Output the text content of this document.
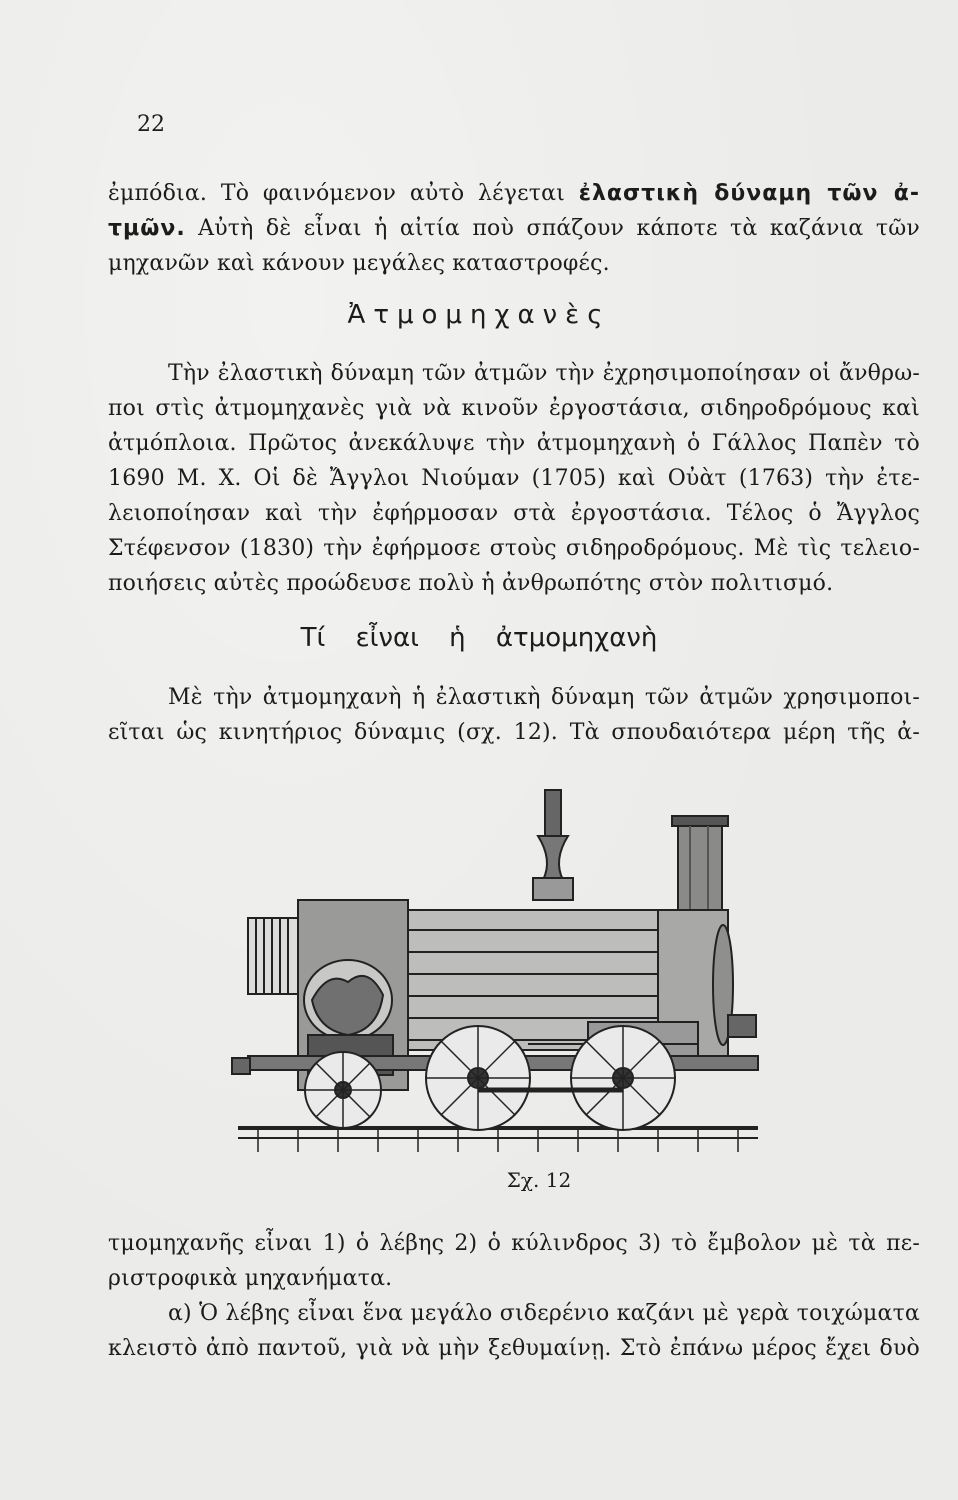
22
ἐμπόδια. Τὸ φαινόμενον αὐτὸ λέγεται ἐλαστικὴ δύναμη τῶν ἀ-
τμῶν. Αὐτὴ δὲ εἶναι ἡ αἰτία ποὺ σπάζουν κάποτε τὰ καζάνια τῶν
μηχανῶν καὶ κάνουν μεγάλες καταστροφές.
Ἀτμομηχανὲς
Τὴν ἐλαστικὴ δύναμη τῶν ἀτμῶν τὴν ἐχρησιμοποίησαν οἱ ἄνθρω-
ποι στὶς ἀτμομηχανὲς γιὰ νὰ κινοῦν ἐργοστάσια, σιδηροδρόμους καὶ
ἀτμόπλοια. Πρῶτος ἀνεκάλυψε τὴν ἀτμομηχανὴ ὁ Γάλλος Παπὲν τὸ
1690 Μ. Χ. Οἱ δὲ Ἄγγλοι Νιούμαν (1705) καὶ Οὐὰτ (1763) τὴν ἐτε-
λειοποίησαν καὶ τὴν ἐφήρμοσαν στὰ ἐργοστάσια. Τέλος ὁ Ἄγγλος
Στέφενσον (1830) τὴν ἐφήρμοσε στοὺς σιδηροδρόμους. Μὲ τὶς τελειο-
ποιήσεις αὐτὲς προώδευσε πολὺ ἡ ἀνθρωπότης στὸν πολιτισμό.
Τί εἶναι ἡ ἀτμομηχανὴ
Μὲ τὴν ἀτμομηχανὴ ἡ ἐλαστικὴ δύναμη τῶν ἀτμῶν χρησιμοποι-
εῖται ὡς κινητήριος δύναμις (σχ. 12). Τὰ σπουδαιότερα μέρη τῆς ἀ-
Σχ. 12
τμομηχανῆς εἶναι 1) ὁ λέβης 2) ὁ κύλινδρος 3) τὸ ἔμβολον μὲ τὰ πε-
ριστροφικὰ μηχανήματα.
α) Ὁ λέβης εἶναι ἕνα μεγάλο σιδερένιο καζάνι μὲ γερὰ τοιχώματα
κλειστὸ ἀπὸ παντοῦ, γιὰ νὰ μὴν ξεθυμαίνῃ. Στὸ ἐπάνω μέρος ἔχει δυὸ
